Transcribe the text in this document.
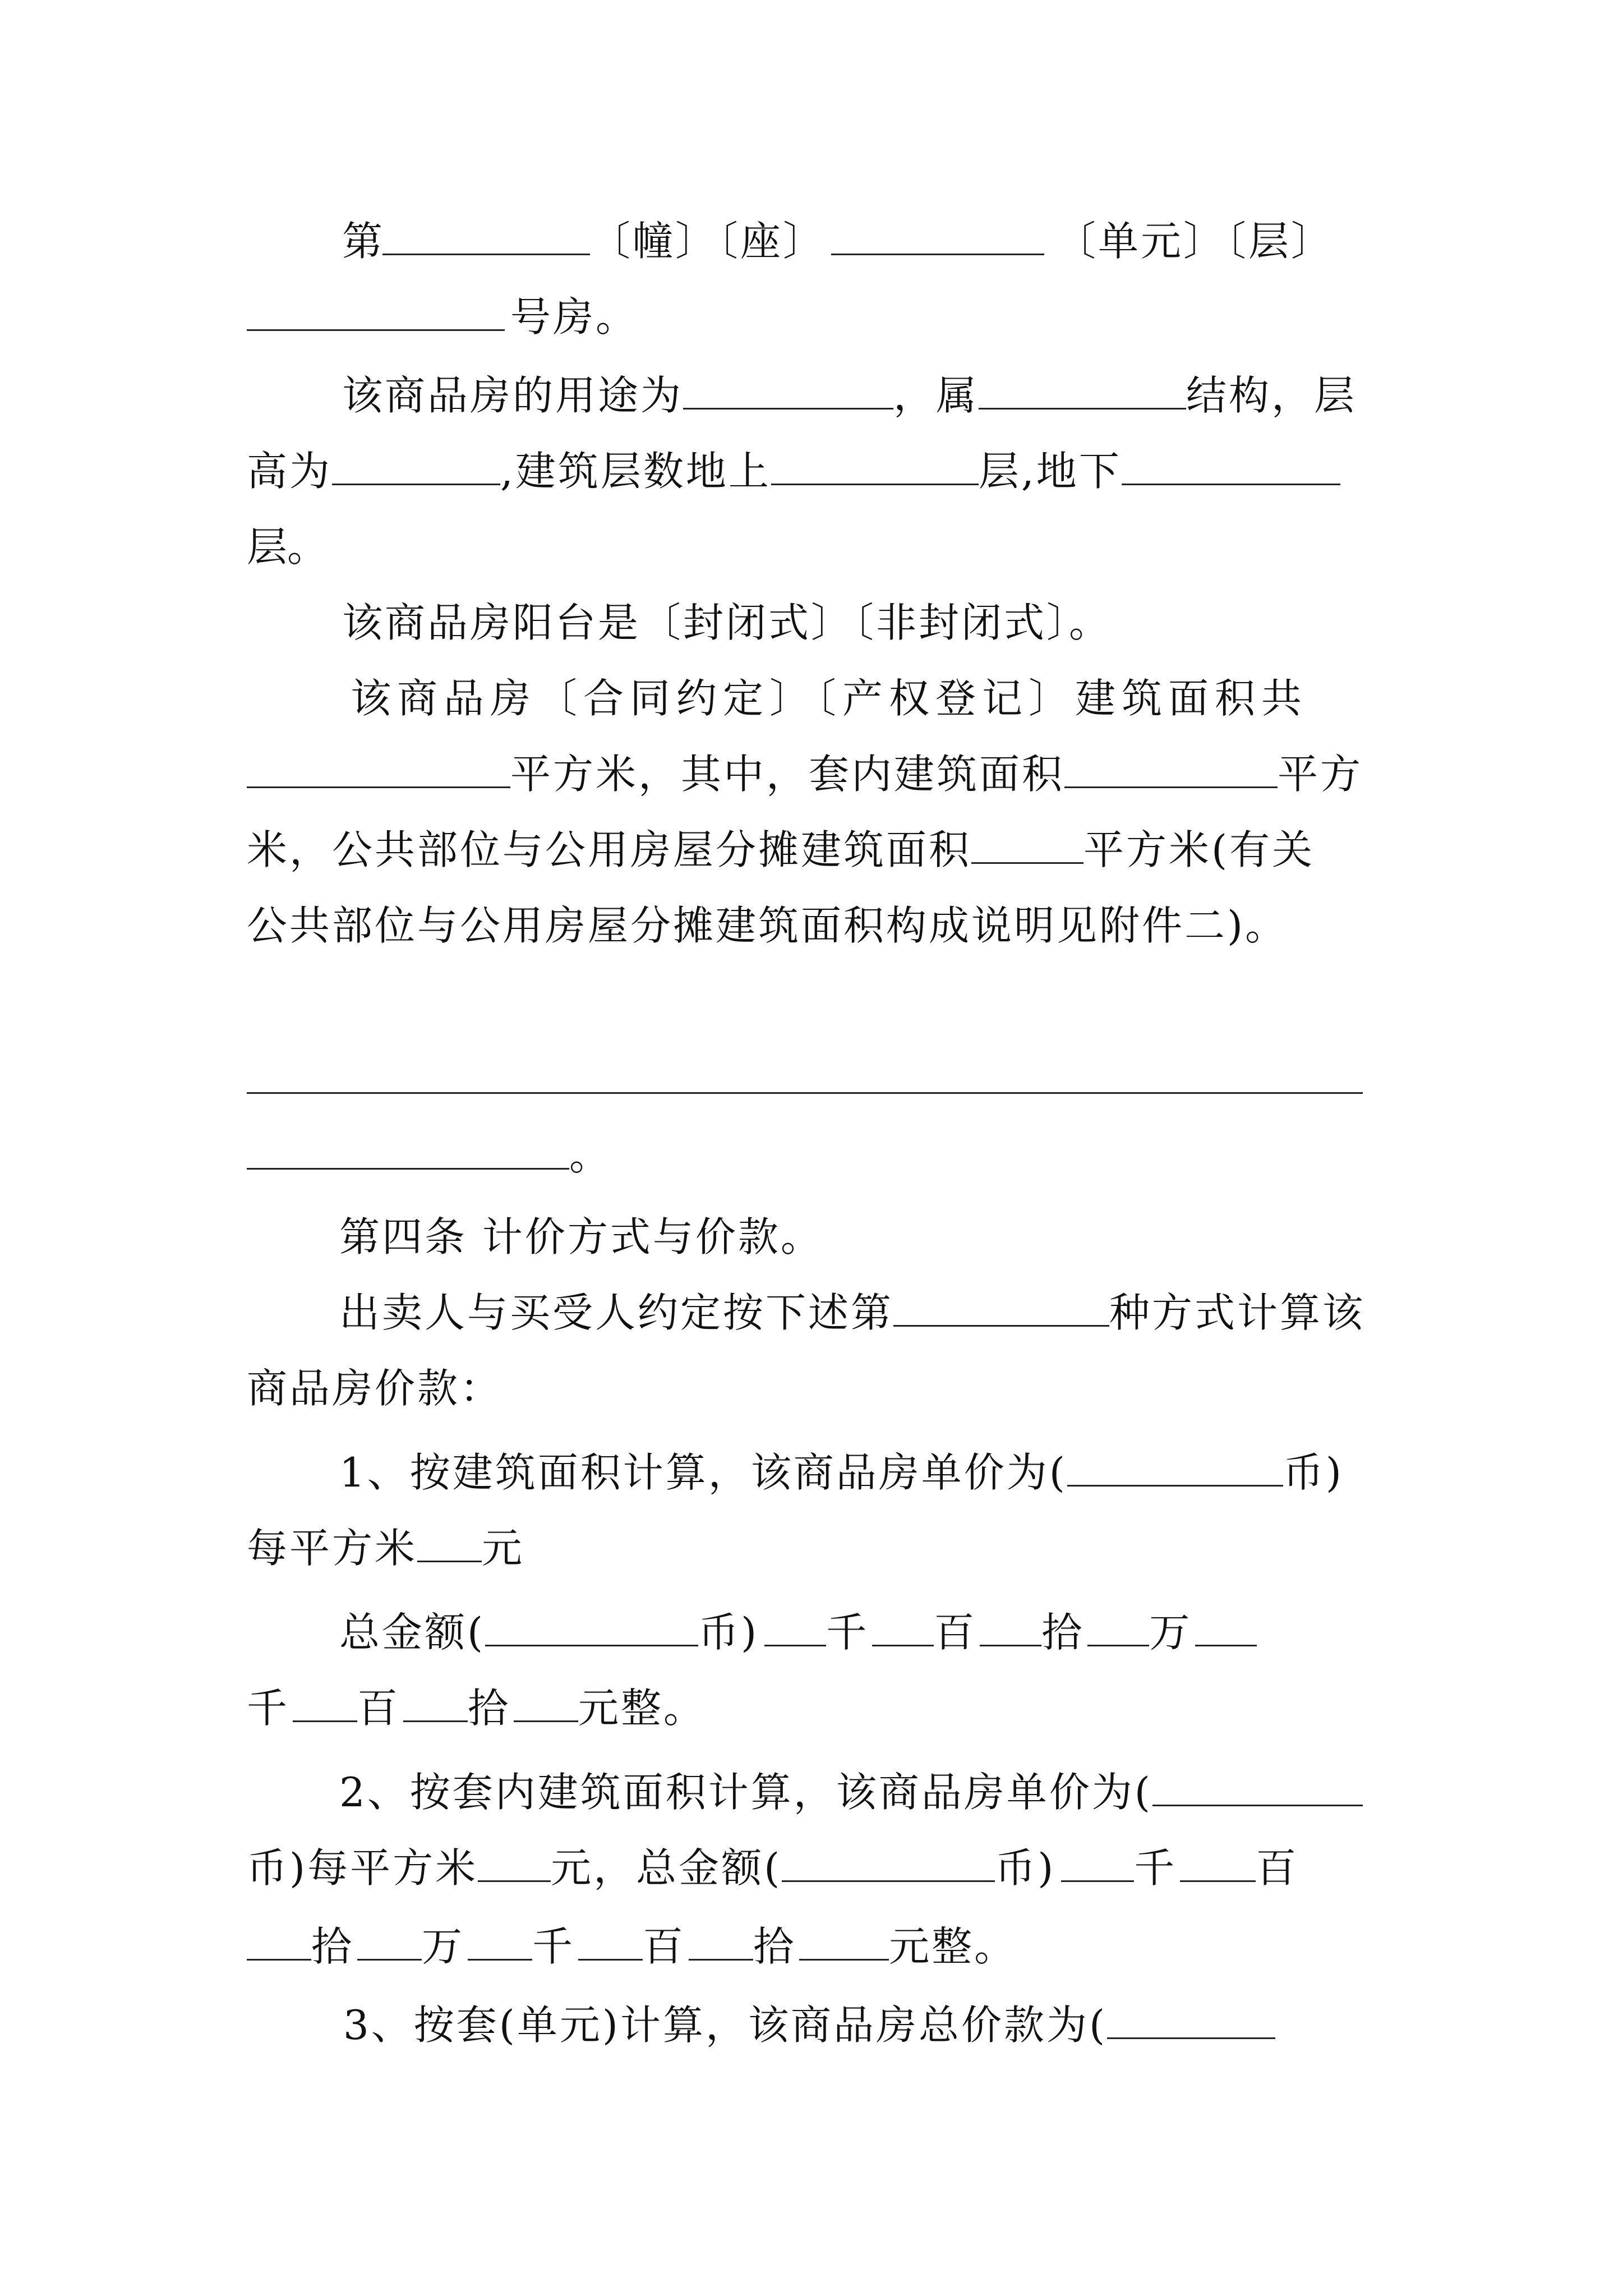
第	〔幢〕〔座〕	〔单元〕〔层〕
号房。
该商品房的用途为	，属	结构，层
高为	,建筑层数地上	层,地下
层。
该商品房阳台是〔封闭式〕〔非封闭式〕。
该商品房〔合同约定〕〔产权登记〕建筑面积共
平方米，其中，套内建筑面积	平方
米，公共部位与公用房屋分摊建筑面积	平方米(有关
公共部位与公用房屋分摊建筑面积构成说明见附件二)。
。
第四条 计价方式与价款。
出卖人与买受人约定按下述第	种方式计算该
商品房价款：
1、按建筑面积计算，该商品房单价为(	币)
每平方米 元
总金额(	币) 千 百 拾 万
千 百 拾 元整。
2、按套内建筑面积计算，该商品房单价为(
币)每平方米 元，总金额(	币) 千 百
拾 万 千 百 拾 元整。
3、按套(单元)计算，该商品房总价款为(
